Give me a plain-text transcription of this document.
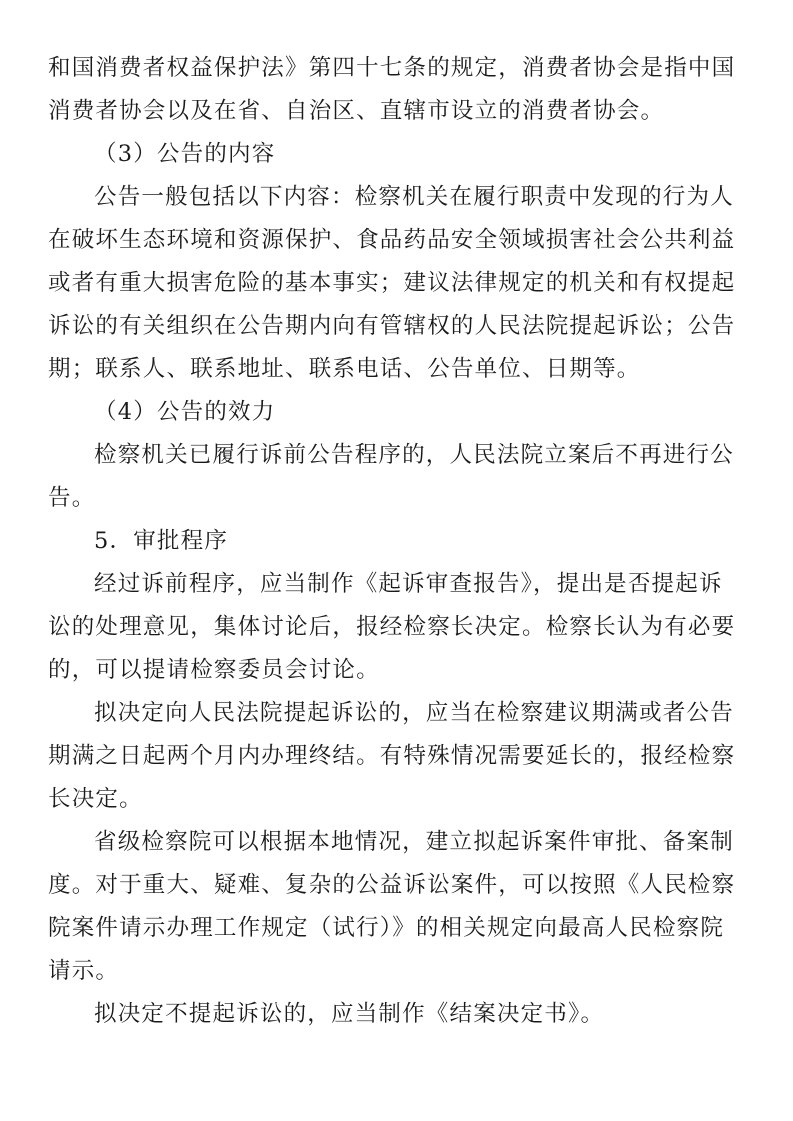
和国消费者权益保护法》第四十七条的规定，消费者协会是指中国
消费者协会以及在省、自治区、直辖市设立的消费者协会。
（3）公告的内容
公告一般包括以下内容：检察机关在履行职责中发现的行为人
在破坏生态环境和资源保护、食品药品安全领域损害社会公共利益
或者有重大损害危险的基本事实；建议法律规定的机关和有权提起
诉讼的有关组织在公告期内向有管辖权的人民法院提起诉讼；公告
期；联系人、联系地址、联系电话、公告单位、日期等。
（4）公告的效力
检察机关已履行诉前公告程序的，人民法院立案后不再进行公
告。
5．审批程序
经过诉前程序，应当制作《起诉审查报告》，提出是否提起诉
讼的处理意见，集体讨论后，报经检察长决定。检察长认为有必要
的，可以提请检察委员会讨论。
拟决定向人民法院提起诉讼的，应当在检察建议期满或者公告
期满之日起两个月内办理终结。有特殊情况需要延长的，报经检察
长决定。
省级检察院可以根据本地情况，建立拟起诉案件审批、备案制
度。对于重大、疑难、复杂的公益诉讼案件，可以按照《人民检察
院案件请示办理工作规定（试行）》的相关规定向最高人民检察院
请示。
拟决定不提起诉讼的，应当制作《结案决定书》。
